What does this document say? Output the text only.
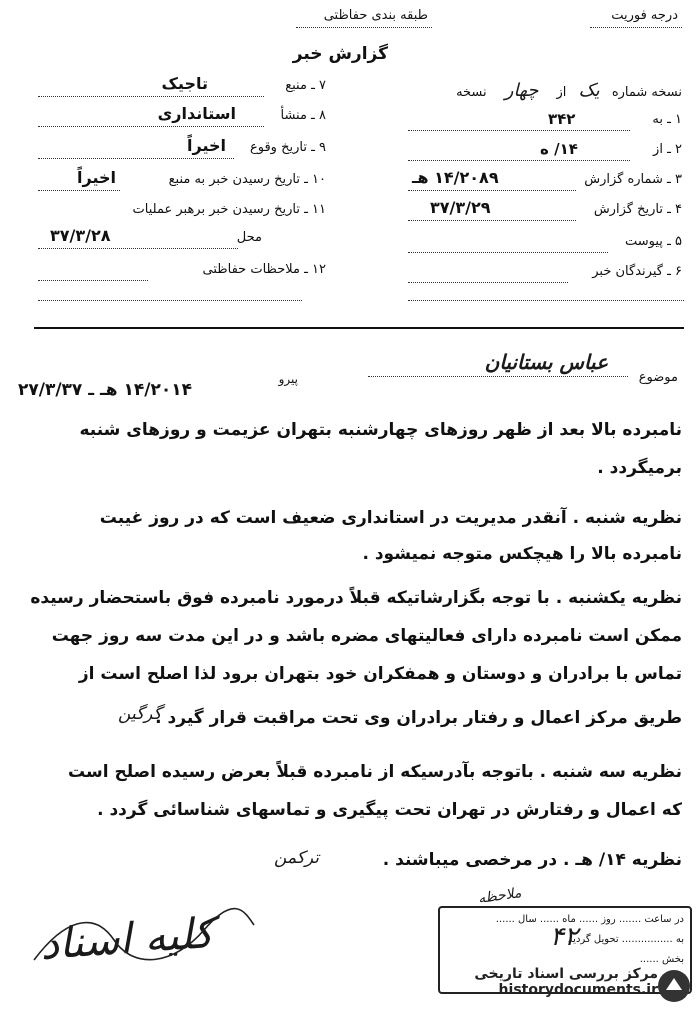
درجه فوریت
طبقه بندی حفاظتی
گزارش خبر
نسخه شماره یک از چهار نسخه
۱ ـ به
۳۴۲
۲ ـ از
۱۴/ ه
۳ ـ شماره گزارش
۱۴/۲۰۸۹ هـ
۴ ـ تاریخ گزارش
۳۷/۳/۲۹
۵ ـ پیوست
۶ ـ گیرندگان خبر
۷ ـ منبع
تاجیک
۸ ـ منشأ
استانداری
۹ ـ تاریخ وقوع
اخیراً
۱۰ ـ تاریخ رسیدن خبر به منبع
اخیراً
۱۱ ـ تاریخ رسیدن خبر برهبر عملیات
محل
۳۷/۳/۲۸
۱۲ ـ ملاحظات حفاظتی
موضوع
عباس بستانیان
پیرو
۱۴/۲۰۱۴ هـ ـ ۲۷/۳/۳۷
نامبرده بالا بعد از ظهر روزهای چهارشنبه بتهران عزیمت و روزهای شنبه
برمیگردد .
نظریه شنبه . آنقدر مدیریت در استانداری ضعیف است که در روز غیبت
نامبرده بالا را هیچکس متوجه نمیشود .
نظریه یکشنبه . با توجه بگزارشاتیکه قبلاً درمورد نامبرده فوق باستحضار رسیده
ممکن است نامبرده دارای فعالیتهای مضره باشد و در این مدت سه روز جهت
تماس با برادران و دوستان و همفکران خود بتهران برود لذا اصلح است از
طریق مرکز اعمال و رفتار برادران وی تحت مراقبت قرار گیرد .
نظریه سه شنبه . باتوجه بآدرسیکه از نامبرده قبلاً بعرض رسیده اصلح است
که اعمال و رفتارش در تهران تحت پیگیری و تماسهای شناسائی گردد .
نظریه ۱۴/ هـ . در مرخصی میباشند .
گرگین
ترکمن
کلیه اسناد	در ساعت ....... روز ...... ماه ...... سال ......
به ................ تحویل گردید
بخش ......
۴۲
ملاحظه
مرکز بررسی اسناد تاریخی
historydocuments.ir
